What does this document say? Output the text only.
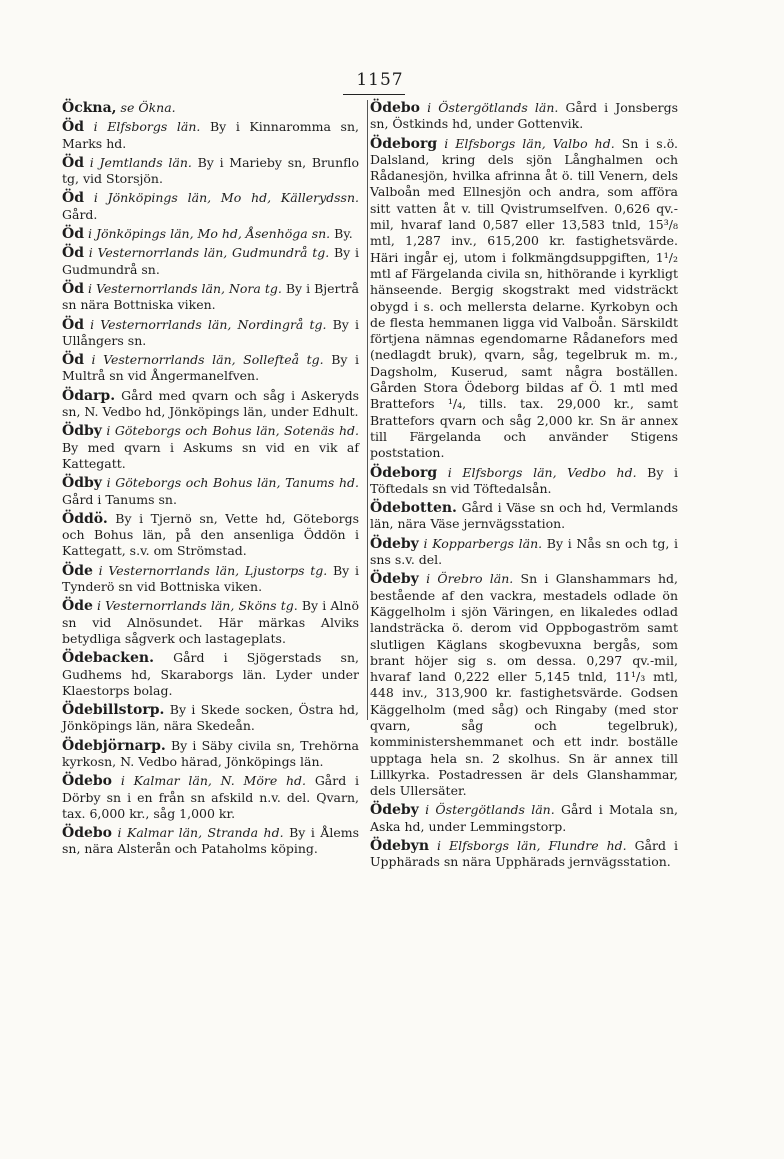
1157

Öckna, se Ökna.

Öd i Elfsborgs län. By i Kinnaromma sn, Marks hd.

Öd i Jemtlands län. By i Marieby sn, Brunflo tg, vid Storsjön.

Öd i Jönköpings län, Mo hd, Källerydssn. Gård.

Öd i Jönköpings län, Mo hd, Åsenhöga sn. By.

Öd i Vesternorrlands län, Gudmundrå tg. By i Gudmundrå sn.

Öd i Vesternorrlands län, Nora tg. By i Bjertrå sn nära Bottniska viken.

Öd i Vesternorrlands län, Nordingrå tg. By i Ullångers sn.

Öd i Vesternorrlands län, Sollefteå tg. By i Multrå sn vid Ångermanelfven.

Ödarp. Gård med qvarn och såg i Askeryds sn, N. Vedbo hd, Jönköpings län, under Edhult.

Ödby i Göteborgs och Bohus län, Sotenäs hd. By med qvarn i Askums sn vid en vik af Kattegatt.

Ödby i Göteborgs och Bohus län, Tanums hd. Gård i Tanums sn.

Öddö. By i Tjernö sn, Vette hd, Göteborgs och Bohus län, på den ansenliga Öddön i Kattegatt, s.v. om Strömstad.

Öde i Vesternorrlands län, Ljustorps tg. By i Tynderö sn vid Bottniska viken.

Öde i Vesternorrlands län, Sköns tg. By i Alnö sn vid Alnösundet. Här märkas Alviks betydliga sågverk och lastageplats.

Ödebacken. Gård i Sjögerstads sn, Gudhems hd, Skaraborgs län. Lyder under Klaestorps bolag.

Ödebillstorp. By i Skede socken, Östra hd, Jönköpings län, nära Skedeån.

Ödebjörnarp. By i Säby civila sn, Trehörna kyrkosn, N. Vedbo härad, Jönköpings län.

Ödebo i Kalmar län, N. Möre hd. Gård i Dörby sn i en från sn afskild n.v. del. Qvarn, tax. 6,000 kr., såg 1,000 kr.

Ödebo i Kalmar län, Stranda hd. By i Ålems sn, nära Alsterån och Pataholms köping.

Ödebo i Östergötlands län. Gård i Jonsbergs sn, Östkinds hd, under Gottenvik.

Ödeborg i Elfsborgs län, Valbo hd. Sn i s.ö. Dalsland, kring dels sjön Långhalmen och Rådanesjön, hvilka afrinna åt ö. till Venern, dels Valboån med Ellnesjön och andra, som afföra sitt vatten åt v. till Qvistrumselfven. 0,626 qv.-mil, hvaraf land 0,587 eller 13,583 tnld, 15³/₈ mtl, 1,287 inv., 615,200 kr. fastighetsvärde. Häri ingår ej, utom i folkmängdsuppgiften, 1¹/₂ mtl af Färgelanda civila sn, hithörande i kyrkligt hänseende. Bergig skogstrakt med vidsträckt obygd i s. och mellersta delarne. Kyrkobyn och de flesta hemmanen ligga vid Valboån. Särskildt förtjena nämnas egendomarne Rådanefors med (nedlagdt bruk), qvarn, såg, tegelbruk m. m., Dagsholm, Kuserud, samt några boställen. Gården Stora Ödeborg bildas af Ö. 1 mtl med Brattefors ¹/₄, tills. tax. 29,000 kr., samt Brattefors qvarn och såg 2,000 kr. Sn är annex till Färgelanda och använder Stigens poststation.

Ödeborg i Elfsborgs län, Vedbo hd. By i Töftedals sn vid Töftedalsån.

Ödebotten. Gård i Väse sn och hd, Vermlands län, nära Väse jernvägsstation.

Ödeby i Kopparbergs län. By i Nås sn och tg, i sns s.v. del.

Ödeby i Örebro län. Sn i Glanshammars hd, bestående af den vackra, mestadels odlade ön Käggelholm i sjön Väringen, en likaledes odlad landsträcka ö. derom vid Oppbogaström samt slutligen Käglans skogbevuxna bergås, som brant höjer sig s. om dessa. 0,297 qv.-mil, hvaraf land 0,222 eller 5,145 tnld, 11¹/₃ mtl, 448 inv., 313,900 kr. fastighetsvärde. Godsen Käggelholm (med såg) och Ringaby (med stor qvarn, såg och tegelbruk), komministershemmanet och ett indr. boställe upptaga hela sn. 2 skolhus. Sn är annex till Lillkyrka. Postadressen är dels Glanshammar, dels Ullersäter.

Ödeby i Östergötlands län. Gård i Motala sn, Aska hd, under Lemmingstorp.

Ödebyn i Elfsborgs län, Flundre hd. Gård i Upphärads sn nära Upphärads jernvägsstation.
